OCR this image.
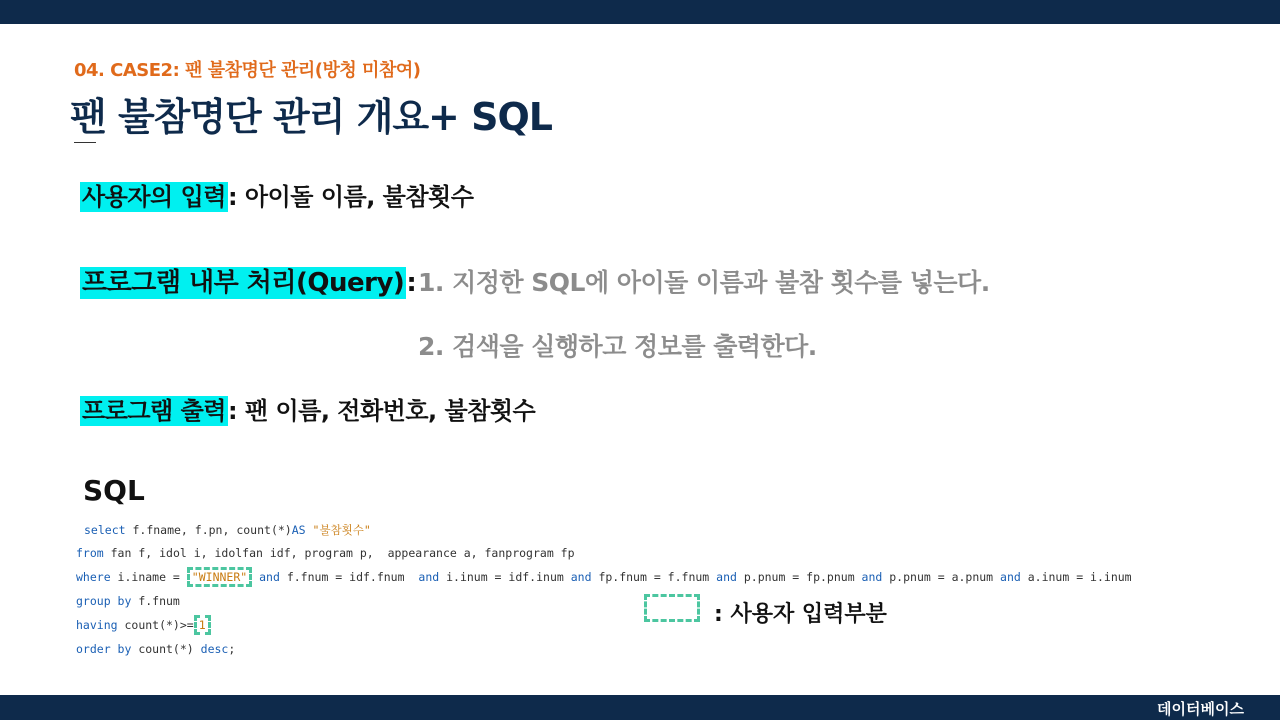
04. CASE2: 팬 불참명단 관리(방청 미참여)
팬 불참명단 관리 개요+ SQL
사용자의 입력: 아이돌 이름, 불참횟수
프로그램 내부 처리(Query): 1. 지정한 SQL에 아이돌 이름과 불참 횟수를 넣는다.
2. 검색을 실행하고 정보를 출력한다.
프로그램 출력: 팬 이름, 전화번호, 불참횟수
SQL
select f.fname, f.pn, count(*)AS "불참횟수"
from fan f, idol i, idolfan idf, program p,  appearance a, fanprogram fp
where i.iname = "WINNER" and f.fnum = idf.fnum  and i.inum = idf.inum and fp.fnum = f.fnum and p.pnum = fp.pnum and p.pnum = a.pnum and a.inum = i.inum
group by f.fnum
having count(*)>= 1
order by count(*) desc;
: 사용자 입력부분
데이터베이스
